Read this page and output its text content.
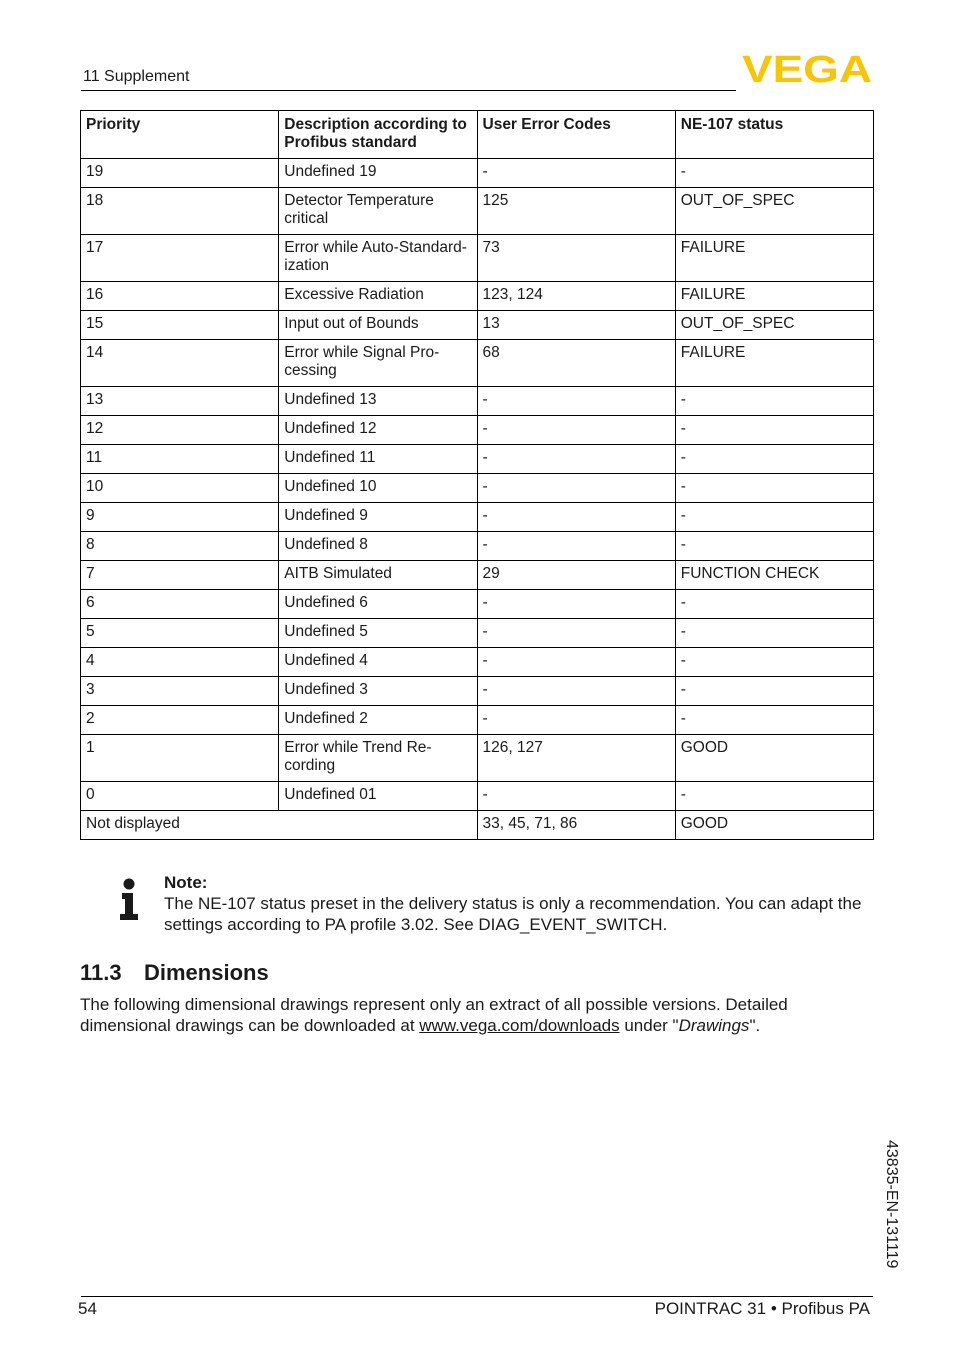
11 Supplement	VEGA
Priority	Description according to Profibus standard	User Error Codes	NE-107 status
19	Undefined 19	-	-
18	Detector Temperature critical	125	OUT_OF_SPEC
17	Error while Auto-Standard-ization	73	FAILURE
16	Excessive Radiation	123, 124	FAILURE
15	Input out of Bounds	13	OUT_OF_SPEC
14	Error while Signal Pro-cessing	68	FAILURE
13	Undefined 13	-	-
12	Undefined 12	-	-
11	Undefined 11	-	-
10	Undefined 10	-	-
9	Undefined 9	-	-
8	Undefined 8	-	-
7	AITB Simulated	29	FUNCTION CHECK
6	Undefined 6	-	-
5	Undefined 5	-	-
4	Undefined 4	-	-
3	Undefined 3	-	-
2	Undefined 2	-	-
1	Error while Trend Re-cording	126, 127	GOOD
0	Undefined 01	-	-
Not displayed		33, 45, 71, 86	GOOD
Note:
The NE-107 status preset in the delivery status is only a recommendation. You can adapt the settings according to PA profile 3.02. See DIAG_EVENT_SWITCH.
11.3 Dimensions
The following dimensional drawings represent only an extract of all possible versions. Detailed dimensional drawings can be downloaded at www.vega.com/downloads under "Drawings".
43835-EN-131119
54	POINTRAC 31 • Profibus PA
